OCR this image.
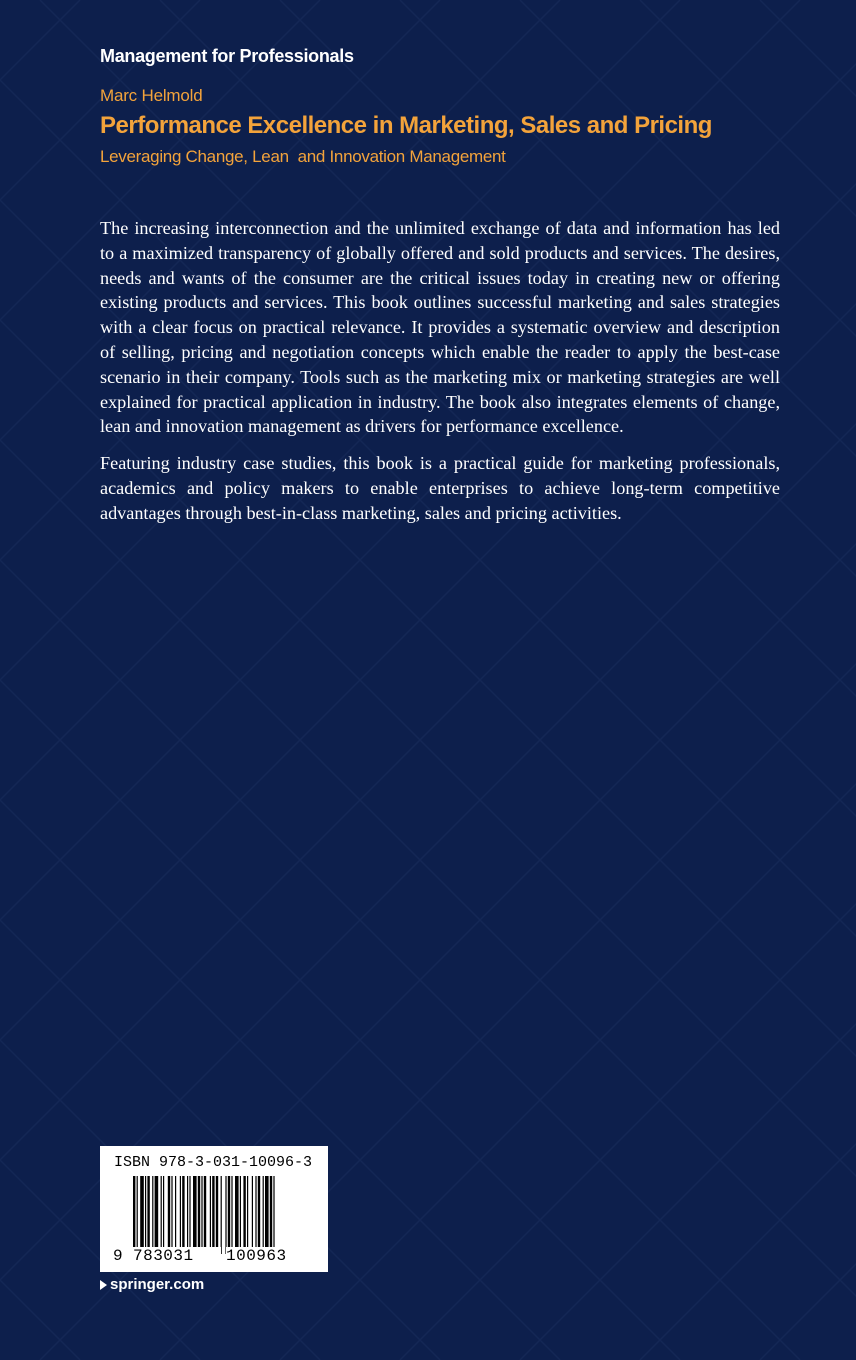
Management for Professionals
Marc Helmold
Performance Excellence in Marketing, Sales and Pricing
Leveraging Change, Lean  and Innovation Management

The increasing interconnection and the unlimited exchange of data and information has led to a maximized transparency of globally offered and sold products and services. The desires, needs and wants of the consumer are the critical issues today in creating new or offering existing products and services. This book outlines successful marketing and sales strategies with a clear focus on practical relevance. It provides a systematic overview and description of selling, pricing and negotiation concepts which enable the reader to apply the best-case scenario in their company. Tools such as the marketing mix or marketing strategies are well explained for practical application in industry. The book also integrates elements of change, lean and innovation management as drivers for performance excellence.

Featuring industry case studies, this book is a practical guide for marketing professionals, academics and policy makers to enable enterprises to achieve long-term competitive advantages through best-in-class marketing, sales and pricing activities.

ISBN 978-3-031-10096-3
9 783031	100963
springer.com
